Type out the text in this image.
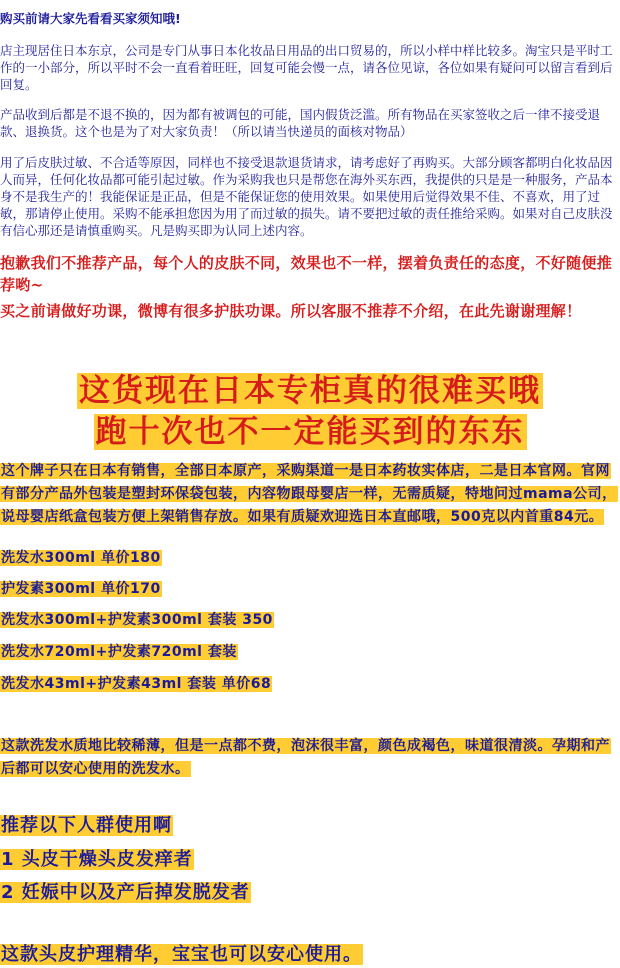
购买前请大家先看看买家须知哦!

店主现居住日本东京，公司是专门从事日本化妆品日用品的出口贸易的，所以小样中样比较多。淘宝只是平时工作的一小部分，所以平时不会一直看着旺旺，回复可能会慢一点，请各位见谅，各位如果有疑问可以留言看到后回复。

产品收到后都是不退不换的，因为都有被调包的可能，国内假货泛滥。所有物品在买家签收之后一律不接受退款、退换货。这个也是为了对大家负责！（所以请当快递员的面核对物品）

用了后皮肤过敏、不合适等原因，同样也不接受退款退货请求，请考虑好了再购买。大部分顾客都明白化妆品因人而异，任何化妆品都可能引起过敏。作为采购我也只是帮您在海外买东西，我提供的只是是一种服务，产品本身不是我生产的！我能保证是正品，但是不能保证您的使用效果。如果使用后觉得效果不佳、不喜欢，用了过敏，那请停止使用。采购不能承担您因为用了而过敏的损失。请不要把过敏的责任推给采购。如果对自己皮肤没有信心那还是请慎重购买。凡是购买即为认同上述内容。

抱歉我们不推荐产品，每个人的皮肤不同，效果也不一样，摆着负责任的态度，不好随便推荐哟~

买之前请做好功课，微博有很多护肤功课。所以客服不推荐不介绍，在此先谢谢理解！

这货现在日本专柜真的很难买哦
跑十次也不一定能买到的东东

这个牌子只在日本有销售，全部日本原产，采购渠道一是日本药妆实体店，二是日本官网。官网有部分产品外包装是塑封环保袋包装，内容物跟母婴店一样，无需质疑，特地问过mama公司，说母婴店纸盒包装方便上架销售存放。如果有质疑欢迎选日本直邮哦，500克以内首重84元。

洗发水300ml 单价180

护发素300ml 单价170

洗发水300ml+护发素300ml 套装 350

洗发水720ml+护发素720ml 套装

洗发水43ml+护发素43ml 套装 单价68

这款洗发水质地比较稀薄，但是一点都不费，泡沫很丰富，颜色成褐色，味道很清淡。孕期和产后都可以安心使用的洗发水。

推荐以下人群使用啊

1 头皮干燥头皮发痒者

2 妊娠中以及产后掉发脱发者

这款头皮护理精华，宝宝也可以安心使用。
